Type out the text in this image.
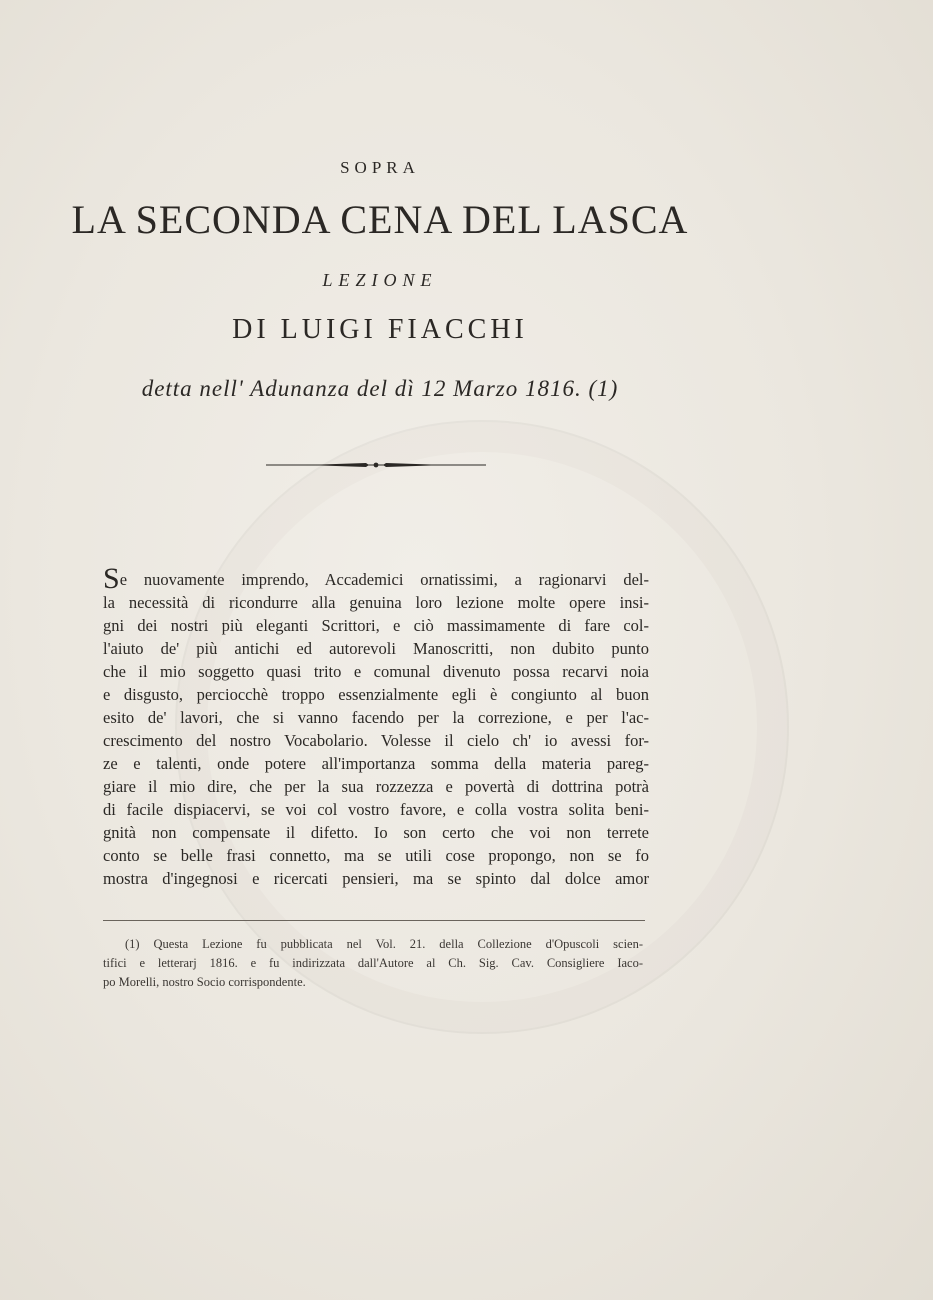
SOPRA
LA SECONDA CENA DEL LASCA
LEZIONE
DI LUIGI FIACCHI
detta nell' Adunanza del dì 12 Marzo 1816. (1)
Se nuovamente imprendo, Accademici ornatissimi, a ragionarvi del-
la necessità di ricondurre alla genuina loro lezione molte opere insi-
gni dei nostri più eleganti Scrittori, e ciò massimamente di fare col-
l'aiuto de' più antichi ed autorevoli Manoscritti, non dubito punto
che il mio soggetto quasi trito e comunal divenuto possa recarvi noia
e disgusto, perciocchè troppo essenzialmente egli è congiunto al buon
esito de' lavori, che si vanno facendo per la correzione, e per l'ac-
crescimento del nostro Vocabolario. Volesse il cielo ch' io avessi for-
ze e talenti, onde potere all'importanza somma della materia pareg-
giare il mio dire, che per la sua rozzezza e povertà di dottrina potrà
di facile dispiacervi, se voi col vostro favore, e colla vostra solita beni-
gnità non compensate il difetto. Io son certo che voi non terrete
conto se belle frasi connetto, ma se utili cose propongo, non se fo
mostra d'ingegnosi e ricercati pensieri, ma se spinto dal dolce amor
(1) Questa Lezione fu pubblicata nel Vol. 21. della Collezione d'Opuscoli scien-
tifici e letterarj 1816. e fu indirizzata dall'Autore al Ch. Sig. Cav. Consigliere Iaco-
po Morelli, nostro Socio corrispondente.
